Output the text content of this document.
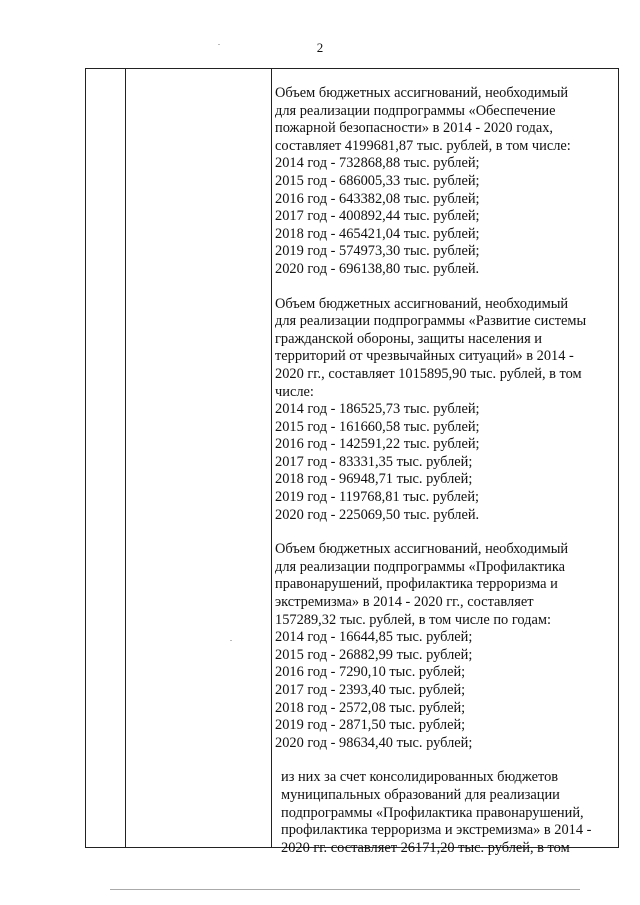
2
Объем бюджетных ассигнований, необходимый
для реализации подпрограммы «Обеспечение
пожарной безопасности» в 2014 - 2020 годах,
составляет 4199681,87 тыс. рублей, в том числе:
2014 год - 732868,88 тыс. рублей;
2015 год - 686005,33 тыс. рублей;
2016 год - 643382,08 тыс. рублей;
2017 год - 400892,44 тыс. рублей;
2018 год - 465421,04 тыс. рублей;
2019 год - 574973,30 тыс. рублей;
2020 год - 696138,80 тыс. рублей.
Объем бюджетных ассигнований, необходимый
для реализации подпрограммы «Развитие системы
гражданской обороны, защиты населения и
территорий от чрезвычайных ситуаций» в 2014 -
2020 гг., составляет 1015895,90 тыс. рублей, в том
числе:
2014 год - 186525,73 тыс. рублей;
2015 год - 161660,58 тыс. рублей;
2016 год - 142591,22 тыс. рублей;
2017 год - 83331,35 тыс. рублей;
2018 год - 96948,71 тыс. рублей;
2019 год - 119768,81 тыс. рублей;
2020 год - 225069,50 тыс. рублей.
Объем бюджетных ассигнований, необходимый
для реализации подпрограммы «Профилактика
правонарушений, профилактика терроризма и
экстремизма» в 2014 - 2020 гг., составляет
157289,32 тыс. рублей, в том числе по годам:
2014 год - 16644,85 тыс. рублей;
2015 год - 26882,99 тыс. рублей;
2016 год - 7290,10 тыс. рублей;
2017 год - 2393,40 тыс. рублей;
2018 год - 2572,08 тыс. рублей;
2019 год - 2871,50 тыс. рублей;
2020 год - 98634,40 тыс. рублей;
из них за счет консолидированных бюджетов
муниципальных образований для реализации
подпрограммы «Профилактика правонарушений,
профилактика терроризма и экстремизма» в 2014 -
2020 гг. составляет 26171,20 тыс. рублей, в том
